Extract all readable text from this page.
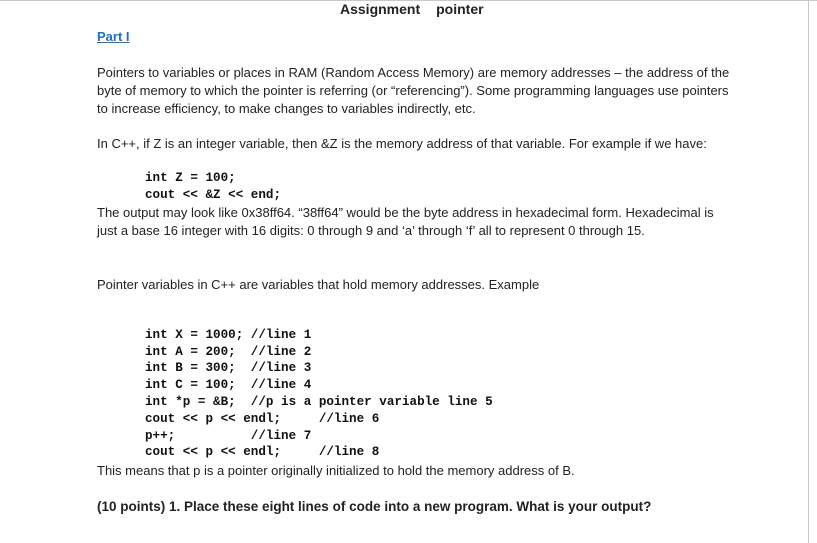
Assignment pointer
Part I
Pointers to variables or places in RAM (Random Access Memory) are memory addresses – the address of the byte of memory to which the pointer is referring (or “referencing”). Some programming languages use pointers to increase efficiency, to make changes to variables indirectly, etc.
In C++, if Z is an integer variable, then &Z is the memory address of that variable. For example if we have:
int Z = 100;
cout << &Z << end;
The output may look like 0x38ff64. “38ff64” would be the byte address in hexadecimal form. Hexadecimal is just a base 16 integer with 16 digits: 0 through 9 and ‘a’ through ‘f’ all to represent 0 through 15.
Pointer variables in C++ are variables that hold memory addresses. Example

int X = 1000; //line 1
int A = 200;  //line 2
int B = 300;  //line 3
int C = 100;  //line 4
int *p = &B;  //p is a pointer variable line 5
cout << p << endl;     //line 6
p++;          //line 7
cout << p << endl;     //line 8
This means that p is a pointer originally initialized to hold the memory address of B.
(10 points) 1. Place these eight lines of code into a new program. What is your output?
